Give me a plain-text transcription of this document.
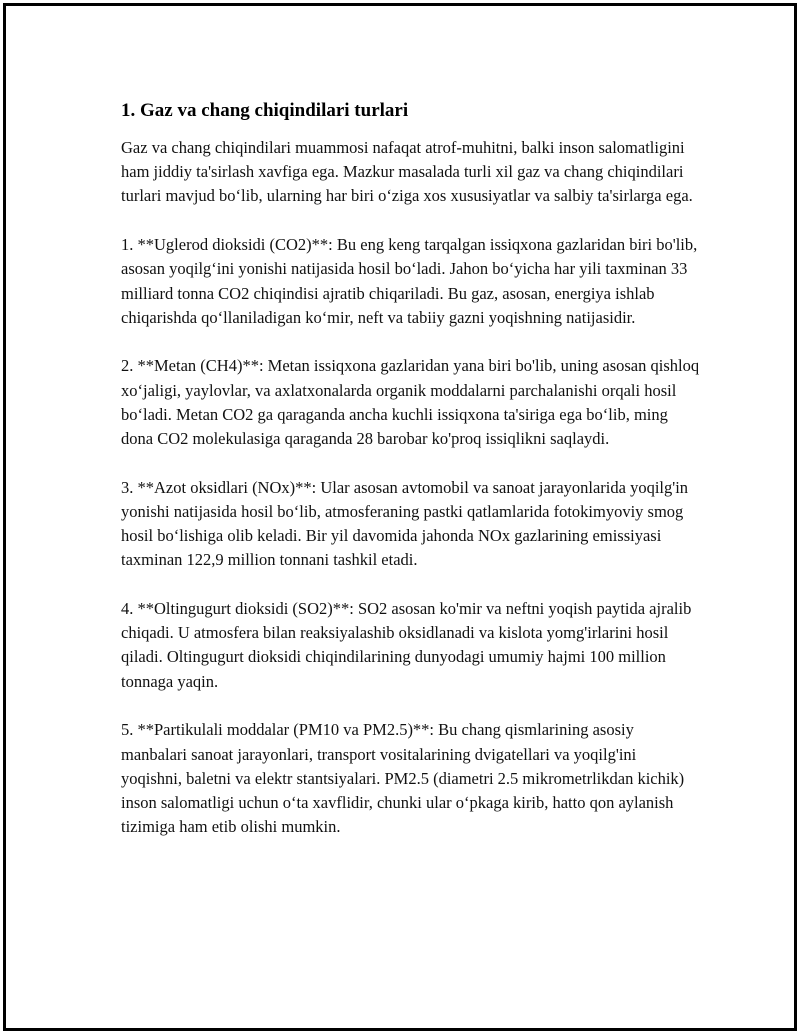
1. Gaz va chang chiqindilari turlari

Gaz va chang chiqindilari muammosi nafaqat atrof-muhitni, balki inson salomatligini ham jiddiy ta'sirlash xavfiga ega. Mazkur masalada turli xil gaz va chang chiqindilari turlari mavjud bo‘lib, ularning har biri o‘ziga xos xususiyatlar va salbiy ta'sirlarga ega.

1. **Uglerod dioksidi (CO2)**: Bu eng keng tarqalgan issiqxona gazlaridan biri bo'lib, asosan yoqilg‘ini yonishi natijasida hosil bo‘ladi. Jahon bo‘yicha har yili taxminan 33 milliard tonna CO2 chiqindisi ajratib chiqariladi. Bu gaz, asosan, energiya ishlab chiqarishda qo‘llaniladigan ko‘mir, neft va tabiiy gazni yoqishning natijasidir.

2. **Metan (CH4)**: Metan issiqxona gazlaridan yana biri bo'lib, uning asosan qishloq xo‘jaligi, yaylovlar, va axlatxonalarda organik moddalarni parchalanishi orqali hosil bo‘ladi. Metan CO2 ga qaraganda ancha kuchli issiqxona ta'siriga ega bo‘lib, ming dona CO2 molekulasiga qaraganda 28 barobar ko'proq issiqlikni saqlaydi.

3. **Azot oksidlari (NOx)**: Ular asosan avtomobil va sanoat jarayonlarida yoqilg'in yonishi natijasida hosil bo‘lib, atmosferaning pastki qatlamlarida fotokimyoviy smog hosil bo‘lishiga olib keladi. Bir yil davomida jahonda NOx gazlarining emissiyasi taxminan 122,9 million tonnani tashkil etadi.

4. **Oltingugurt dioksidi (SO2)**: SO2 asosan ko'mir va neftni yoqish paytida ajralib chiqadi. U atmosfera bilan reaksiyalashib oksidlanadi va kislota yomg'irlarini hosil qiladi. Oltingugurt dioksidi chiqindilarining dunyodagi umumiy hajmi 100 million tonnaga yaqin.

5. **Partikulali moddalar (PM10 va PM2.5)**: Bu chang qismlarining asosiy manbalari sanoat jarayonlari, transport vositalarining dvigatellari va yoqilg'ini yoqishni, baletni va elektr stantsiyalari. PM2.5 (diametri 2.5 mikrometrlikdan kichik) inson salomatligi uchun o‘ta xavflidir, chunki ular o‘pkaga kirib, hatto qon aylanish tizimiga ham etib olishi mumkin.
